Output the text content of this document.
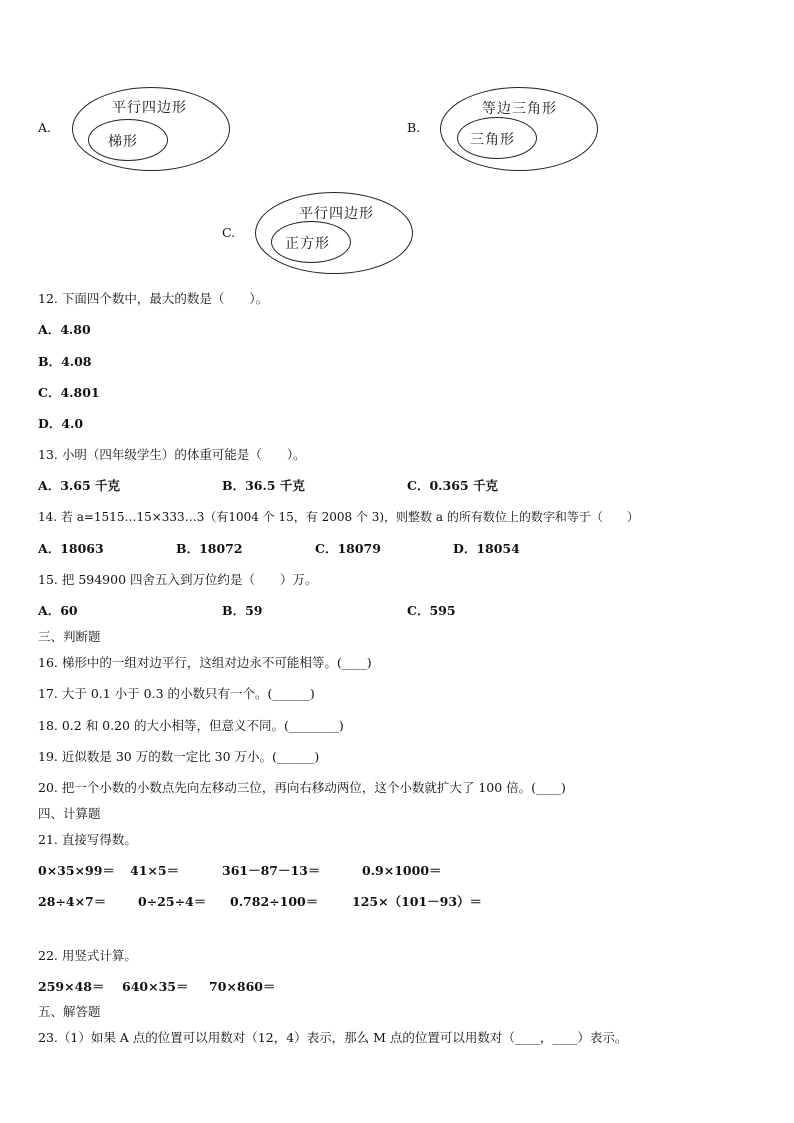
A.
平行四边形
梯形
B.
等边三角形
三角形
C.
平行四边形
正方形
12. 下面四个数中，最大的数是（　　）。
A．4.80
B．4.08
C．4.801
D．4.0
13. 小明（四年级学生）的体重可能是（　　）。
A．3.65 千克	B．36.5 千克	C．0.365 千克
14. 若 a=1515…15×333…3（有1004 个 15，有 2008 个 3)，则整数 a 的所有数位上的数字和等于（　　）
A．18063	B．18072	C．18079	D．18054
15. 把 594900 四舍五入到万位约是（　　）万。
A．60	B．59	C．595
三、判断题
16. 梯形中的一组对边平行，这组对边永不可能相等。(____)
17. 大于 0.1 小于 0.3 的小数只有一个。(______)
18. 0.2 和 0.20 的大小相等，但意义不同。(________)
19. 近似数是 30 万的数一定比 30 万小。(______)
20. 把一个小数的小数点先向左移动三位，再向右移动两位，这个小数就扩大了 100 倍。(____)
四、计算题
21. 直接写得数。
0×35×99＝ 41×5＝	361－87－13＝	0.9×1000＝
28÷4×7＝	0÷25÷4＝ 0.782÷100＝	125×（101－93）＝
22. 用竖式计算。
259×48＝ 640×35＝ 70×860＝
五、解答题
23.（1）如果 A 点的位置可以用数对（12，4）表示，那么 M 点的位置可以用数对（____，____）表示。
